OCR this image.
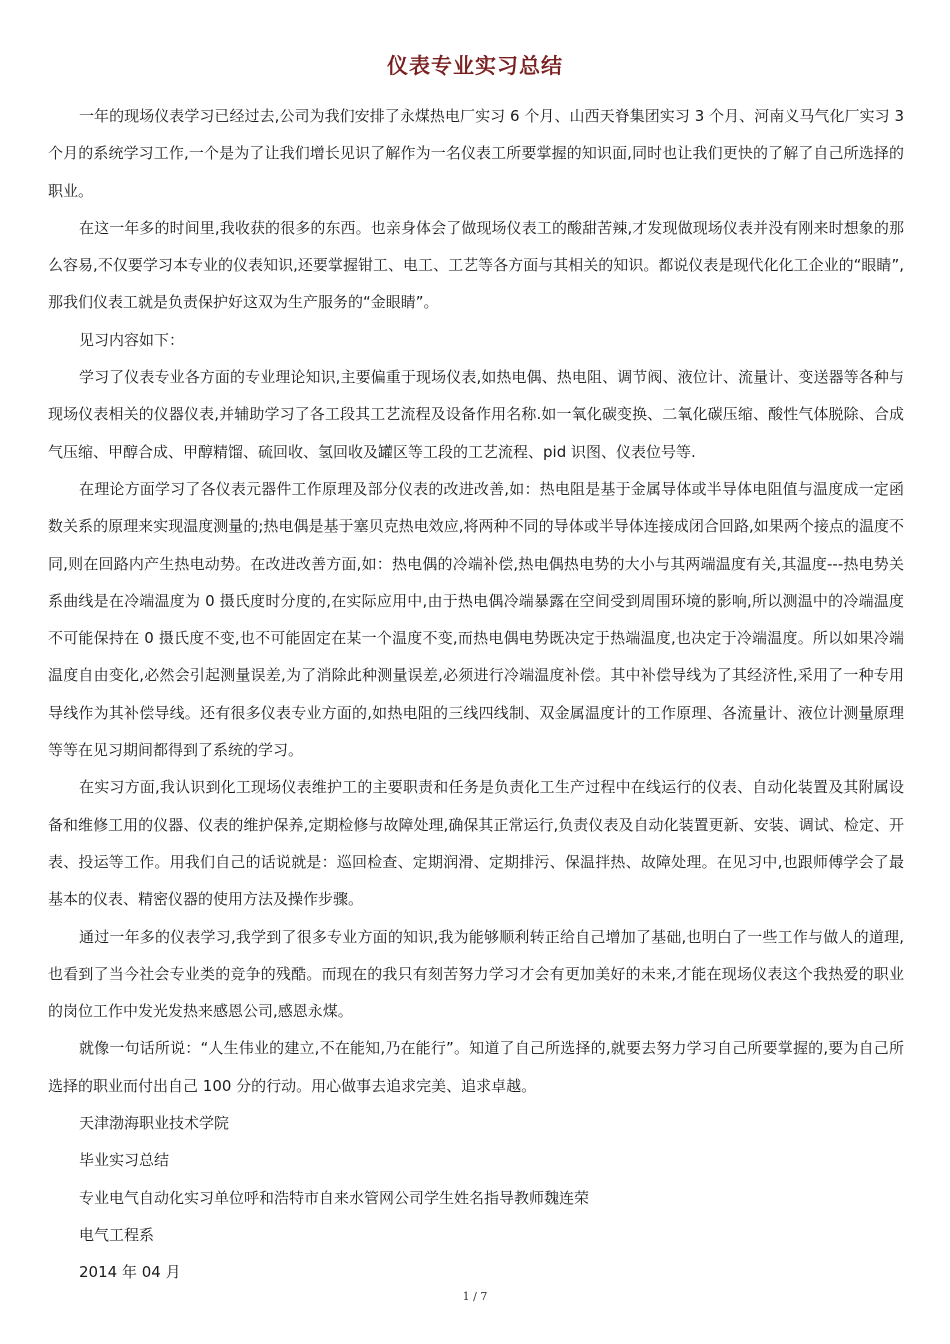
仪表专业实习总结

一年的现场仪表学习已经过去,公司为我们安排了永煤热电厂实习 6 个月、山西天脊集团实习 3 个月、河南义马气化厂实习 3 个月的系统学习工作,一个是为了让我们增长见识了解作为一名仪表工所要掌握的知识面,同时也让我们更快的了解了自己所选择的职业。

在这一年多的时间里,我收获的很多的东西。也亲身体会了做现场仪表工的酸甜苦辣,才发现做现场仪表并没有刚来时想象的那么容易,不仅要学习本专业的仪表知识,还要掌握钳工、电工、工艺等各方面与其相关的知识。都说仪表是现代化化工企业的“眼睛”,那我们仪表工就是负责保护好这双为生产服务的“金眼睛”。

见习内容如下：

学习了仪表专业各方面的专业理论知识,主要偏重于现场仪表,如热电偶、热电阻、调节阀、液位计、流量计、变送器等各种与现场仪表相关的仪器仪表,并辅助学习了各工段其工艺流程及设备作用名称.如一氧化碳变换、二氧化碳压缩、酸性气体脱除、合成气压缩、甲醇合成、甲醇精馏、硫回收、氢回收及罐区等工段的工艺流程、pid 识图、仪表位号等.

在理论方面学习了各仪表元器件工作原理及部分仪表的改进改善,如：热电阻是基于金属导体或半导体电阻值与温度成一定函数关系的原理来实现温度测量的;热电偶是基于塞贝克热电效应,将两种不同的导体或半导体连接成闭合回路,如果两个接点的温度不同,则在回路内产生热电动势。在改进改善方面,如：热电偶的冷端补偿,热电偶热电势的大小与其两端温度有关,其温度---热电势关系曲线是在冷端温度为 0 摄氏度时分度的,在实际应用中,由于热电偶冷端暴露在空间受到周围环境的影响,所以测温中的冷端温度不可能保持在 0 摄氏度不变,也不可能固定在某一个温度不变,而热电偶电势既决定于热端温度,也决定于冷端温度。所以如果冷端温度自由变化,必然会引起测量误差,为了消除此种测量误差,必须进行冷端温度补偿。其中补偿导线为了其经济性,采用了一种专用导线作为其补偿导线。还有很多仪表专业方面的,如热电阻的三线四线制、双金属温度计的工作原理、各流量计、液位计测量原理等等在见习期间都得到了系统的学习。

在实习方面,我认识到化工现场仪表维护工的主要职责和任务是负责化工生产过程中在线运行的仪表、自动化装置及其附属设备和维修工用的仪器、仪表的维护保养,定期检修与故障处理,确保其正常运行,负责仪表及自动化装置更新、安装、调试、检定、开表、投运等工作。用我们自己的话说就是：巡回检查、定期润滑、定期排污、保温拌热、故障处理。在见习中,也跟师傅学会了最基本的仪表、精密仪器的使用方法及操作步骤。

通过一年多的仪表学习,我学到了很多专业方面的知识,我为能够顺利转正给自己增加了基础,也明白了一些工作与做人的道理,也看到了当今社会专业类的竞争的残酷。而现在的我只有刻苦努力学习才会有更加美好的未来,才能在现场仪表这个我热爱的职业的岗位工作中发光发热来感恩公司,感恩永煤。

就像一句话所说：“人生伟业的建立,不在能知,乃在能行”。知道了自己所选择的,就要去努力学习自己所要掌握的,要为自己所选择的职业而付出自己 100 分的行动。用心做事去追求完美、追求卓越。

天津渤海职业技术学院

毕业实习总结

专业电气自动化实习单位呼和浩特市自来水管网公司学生姓名指导教师魏连荣

电气工程系

2014 年 04 月

1 / 7
